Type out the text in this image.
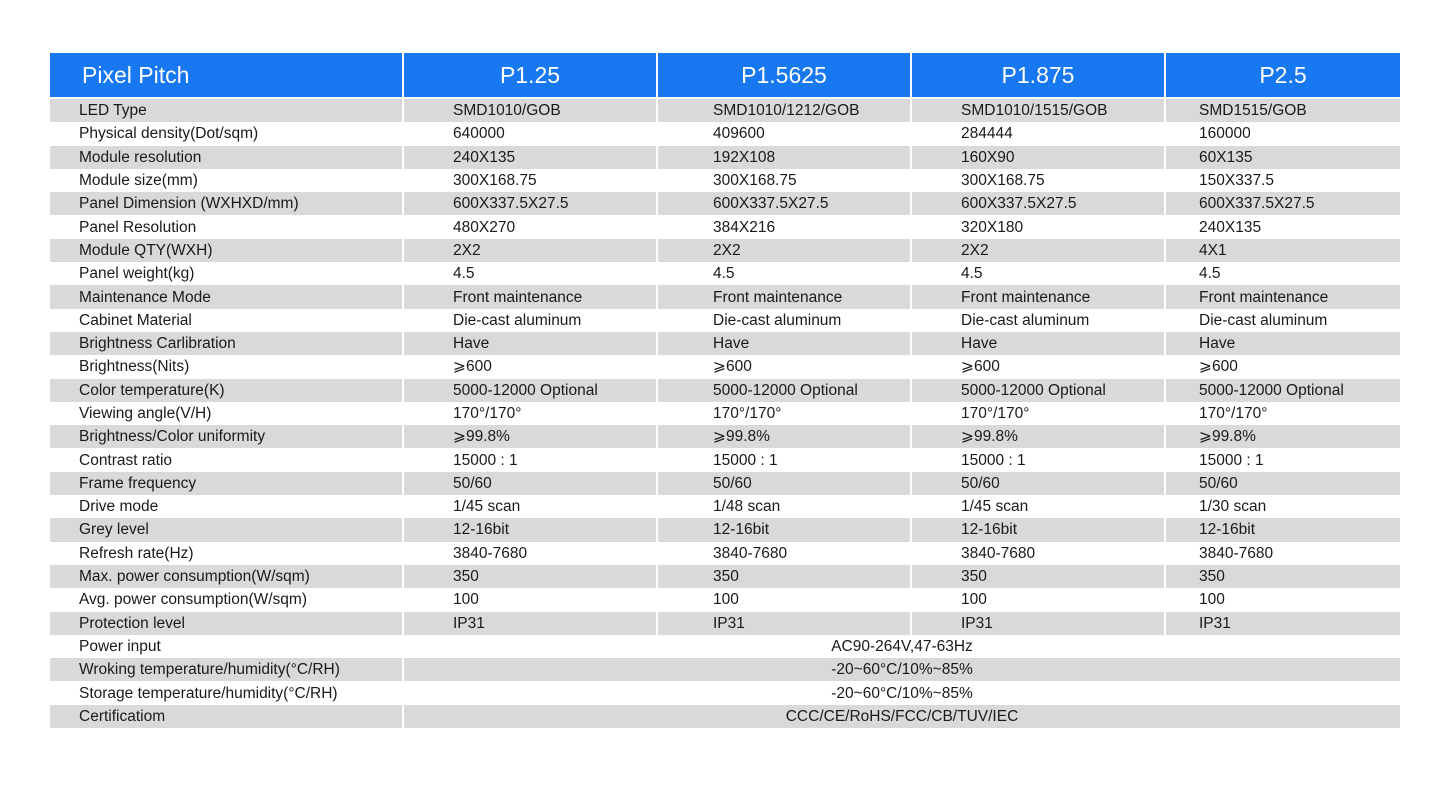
Pixel Pitch	P1.25	P1.5625	P1.875	P2.5
LED Type	SMD1010/GOB	SMD1010/1212/GOB	SMD1010/1515/GOB	SMD1515/GOB
Physical density(Dot/sqm)	640000	409600	284444	160000
Module resolution	240X135	192X108	160X90	60X135
Module size(mm)	300X168.75	300X168.75	300X168.75	150X337.5
Panel Dimension (WXHXD/mm)	600X337.5X27.5	600X337.5X27.5	600X337.5X27.5	600X337.5X27.5
Panel Resolution	480X270	384X216	320X180	240X135
Module QTY(WXH)	2X2	2X2	2X2	4X1
Panel weight(kg)	4.5	4.5	4.5	4.5
Maintenance Mode	Front maintenance	Front maintenance	Front maintenance	Front maintenance
Cabinet Material	Die-cast aluminum	Die-cast aluminum	Die-cast aluminum	Die-cast aluminum
Brightness Carlibration	Have	Have	Have	Have
Brightness(Nits)	⩾600	⩾600	⩾600	⩾600
Color temperature(K)	5000-12000 Optional	5000-12000 Optional	5000-12000 Optional	5000-12000 Optional
Viewing angle(V/H)	170°/170°	170°/170°	170°/170°	170°/170°
Brightness/Color uniformity	⩾99.8%	⩾99.8%	⩾99.8%	⩾99.8%
Contrast ratio	15000 : 1	15000 : 1	15000 : 1	15000 : 1
Frame frequency	50/60	50/60	50/60	50/60
Drive mode	1/45 scan	1/48 scan	1/45 scan	1/30 scan
Grey level	12-16bit	12-16bit	12-16bit	12-16bit
Refresh rate(Hz)	3840-7680	3840-7680	3840-7680	3840-7680
Max. power consumption(W/sqm)	350	350	350	350
Avg. power consumption(W/sqm)	100	100	100	100
Protection level	IP31	IP31	IP31	IP31
Power input	AC90-264V,47-63Hz			
Wroking temperature/humidity(°C/RH)	-20~60°C/10%~85%			
Storage temperature/humidity(°C/RH)	-20~60°C/10%~85%			
Certificatiom	CCC/CE/RoHS/FCC/CB/TUV/IEC			
